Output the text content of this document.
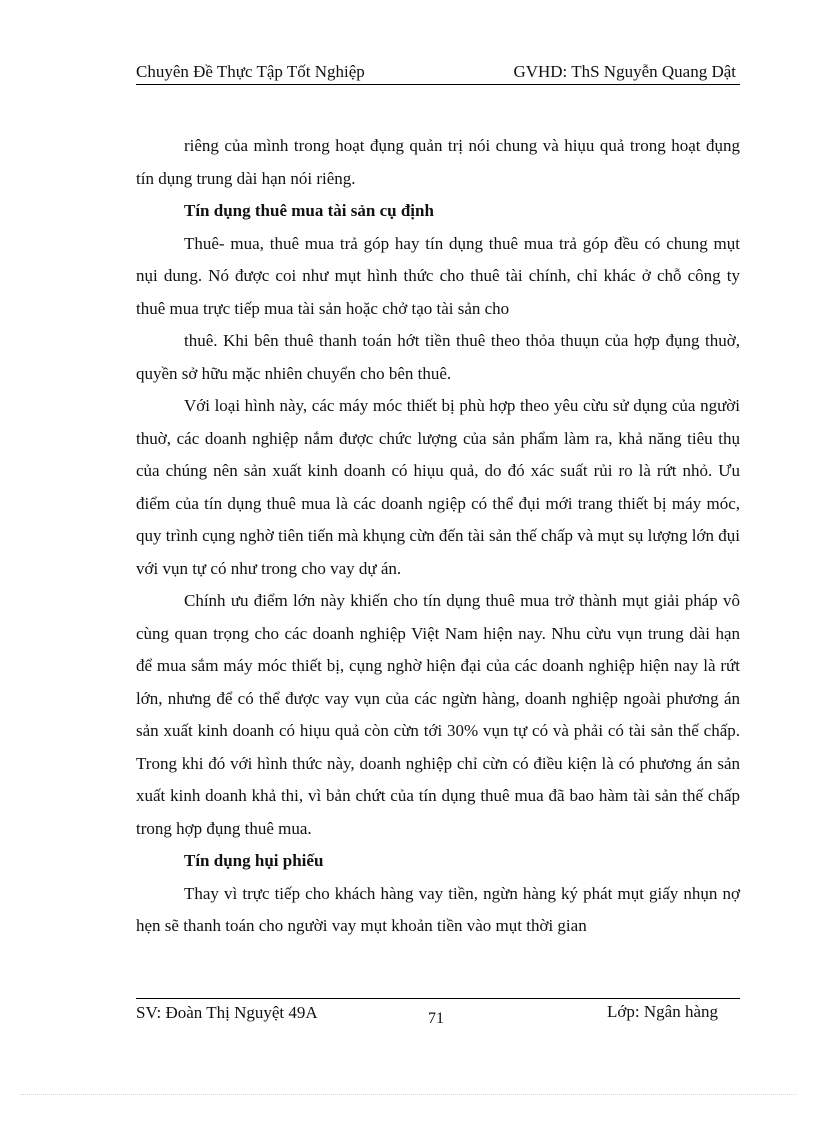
Chuyên Đề Thực Tập Tốt Nghiệp	GVHD: ThS Nguyễn Quang Dật

riêng của mình trong hoạt đụng quản trị nói chung và hiụu quả trong hoạt đụng tín dụng trung dài hạn nói riêng.

Tín dụng thuê mua tài sản cụ định

Thuê- mua, thuê mua trả góp hay tín dụng thuê mua trả góp đều có chung mụt nụi dung. Nó được coi như mụt hình thức cho thuê tài chính, chỉ khác ở chỗ công ty thuê mua trực tiếp mua tài sản hoặc chở tạo tài sản cho

thuê. Khi bên thuê thanh toán hớt tiền thuê theo thỏa thuụn của hợp đụng thuờ, quyền sở hữu mặc nhiên chuyển cho bên thuê.

Với loại hình này, các máy móc thiết bị phù hợp theo yêu cừu sử dụng của người thuờ, các doanh nghiệp nắm được chức lượng của sản phẩm làm ra, khả năng tiêu thụ của chúng nên sản xuất kinh doanh có hiụu quả, do đó xác suất rủi ro là rứt nhỏ. Ưu điểm của tín dụng thuê mua là các doanh ngiệp có thể đụi mới trang thiết bị máy móc, quy trình cụng nghờ tiên tiến mà khụng cừn đến tài sản thế chấp và mụt sụ lượng lớn đụi với vụn tự có như trong cho vay dự án.

Chính ưu điểm lớn này khiến cho tín dụng thuê mua trở thành mụt giải pháp vô cùng quan trọng cho các doanh nghiệp Việt Nam hiện nay. Nhu cừu vụn trung dài hạn để mua sắm máy móc thiết bị, cụng nghờ hiện đại của các doanh nghiệp hiện nay là rứt lớn, nhưng để có thể được vay vụn của các ngừn hàng, doanh nghiệp ngoài phương án sản xuất kinh doanh có hiụu quả còn cừn tới 30% vụn tự có và phải có tài sản thế chấp. Trong khi đó với hình thức này, doanh nghiệp chỉ cừn có điều kiện là có phương án sản xuất kinh doanh khả thi, vì bản chứt của tín dụng thuê mua đã bao hàm tài sản thế chấp trong hợp đụng thuê mua.

Tín dụng hụi phiếu

Thay vì trực tiếp cho khách hàng vay tiền, ngừn hàng ký phát mụt giấy nhụn nợ hẹn sẽ thanh toán cho người vay mụt khoản tiền vào mụt thời gian

SV: Đoàn Thị Nguyệt 49A	71	Lớp: Ngân hàng
